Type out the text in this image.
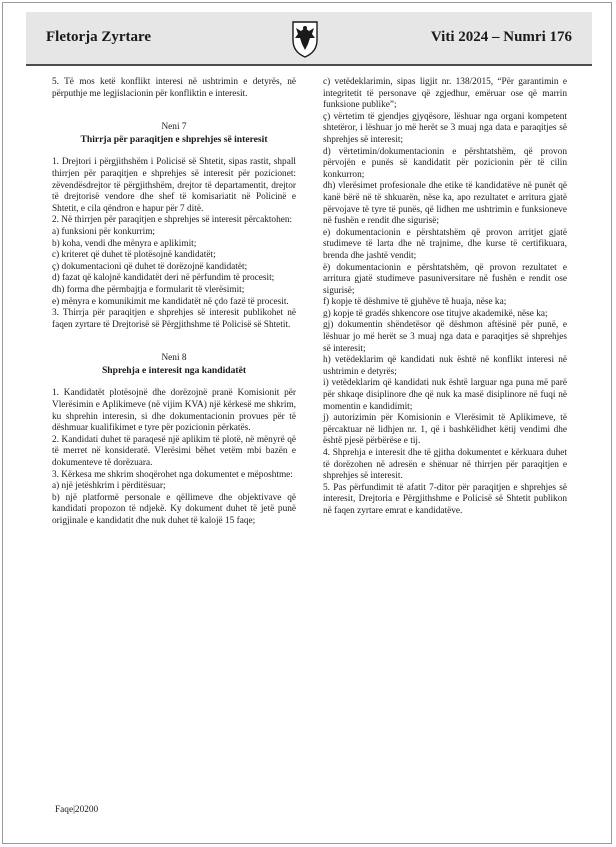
Fletorja Zyrtare	Viti 2024 – Numri 176

5. Të mos ketë konflikt interesi në ushtrimin e detyrës, në përputhje me legjislacionin për konfliktin e interesit.

Neni 7

Thirrja për paraqitjen e shprehjes së interesit

1. Drejtori i përgjithshëm i Policisë së Shtetit, sipas rastit, shpall thirrjen për paraqitjen e shprehjes së interesit për pozicionet: zëvendësdrejtor të përgjithshëm, drejtor të departamentit, drejtor të drejtorisë vendore dhe shef të komisariatit në Policinë e Shtetit, e cila qëndron e hapur për 7 ditë.

2. Në thirrjen për paraqitjen e shprehjes së interesit përcaktohen:

a) funksioni për konkurrim;

b) koha, vendi dhe mënyra e aplikimit;

c) kriteret që duhet të plotësojnë kandidatët;

ç) dokumentacioni që duhet të dorëzojnë kandidatët;

d) fazat që kalojnë kandidatët deri në përfundim të procesit;

dh) forma dhe përmbajtja e formularit të vlerësimit;

e) mënyra e komunikimit me kandidatët në çdo fazë të procesit.

3. Thirrja për paraqitjen e shprehjes së interesit publikohet në faqen zyrtare të Drejtorisë së Përgjithshme të Policisë së Shtetit.

Neni 8

Shprehja e interesit nga kandidatët

1. Kandidatët plotësojnë dhe dorëzojnë pranë Komisionit për Vlerësimin e Aplikimeve (në vijim KVA) një kërkesë me shkrim, ku shprehin interesin, si dhe dokumentacionin provues për të dëshmuar kualifikimet e tyre për pozicionin përkatës.

2. Kandidati duhet të paraqesë një aplikim të plotë, në mënyrë që të merret në konsideratë. Vlerësimi bëhet vetëm mbi bazën e dokumenteve të dorëzuara.

3. Kërkesa me shkrim shoqërohet nga dokumentet e mëposhtme:

a) një jetëshkrim i përditësuar;

b) një platformë personale e qëllimeve dhe objektivave që kandidati propozon të ndjekë. Ky dokument duhet të jetë punë origjinale e kandidatit dhe nuk duhet të kalojë 15 faqe;

c) vetëdeklarimin, sipas ligjit nr. 138/2015, “Për garantimin e integritetit të personave që zgjedhur, emëruar ose që marrin funksione publike”;

ç) vërtetim të gjendjes gjyqësore, lëshuar nga organi kompetent shtetëror, i lëshuar jo më herët se 3 muaj nga data e paraqitjes së shprehjes së interesit;

d) vërtetimin/dokumentacionin e përshtatshëm, që provon përvojën e punës së kandidatit për pozicionin për të cilin konkurron;

dh) vlerësimet profesionale dhe etike të kandidatëve në punët që kanë bërë në të shkuarën, nëse ka, apo rezultatet e arritura gjatë përvojave të tyre të punës, që lidhen me ushtrimin e funksioneve në fushën e rendit dhe sigurisë;

e) dokumentacionin e përshtatshëm që provon arritjet gjatë studimeve të larta dhe në trajnime, dhe kurse të certifikuara, brenda dhe jashtë vendit;

ë) dokumentacionin e përshtatshëm, që provon rezultatet e arritura gjatë studimeve pasuniversitare në fushën e rendit ose sigurisë;

f) kopje të dëshmive të gjuhëve të huaja, nëse ka;

g) kopje të gradës shkencore ose titujve akademikë, nëse ka;

gj) dokumentin shëndetësor që dëshmon aftësinë për punë, e lëshuar jo më herët se 3 muaj nga data e paraqitjes së shprehjes së interesit;

h) vetëdeklarim që kandidati nuk është në konflikt interesi në ushtrimin e detyrës;

i) vetëdeklarim që kandidati nuk është larguar nga puna më parë për shkaqe disiplinore dhe që nuk ka masë disiplinore në fuqi në momentin e kandidimit;

j) autorizimin për Komisionin e Vlerësimit të Aplikimeve, të përcaktuar në lidhjen nr. 1, që i bashkëlidhet këtij vendimi dhe është pjesë përbërëse e tij.

4. Shprehja e interesit dhe të gjitha dokumentet e kërkuara duhet të dorëzohen në adresën e shënuar në thirrjen për paraqitjen e shprehjes së interesit.

5. Pas përfundimit të afatit 7-ditor për paraqitjen e shprehjes së interesit, Drejtoria e Përgjithshme e Policisë së Shtetit publikon në faqen zyrtare emrat e kandidatëve.

Faqe|20200
